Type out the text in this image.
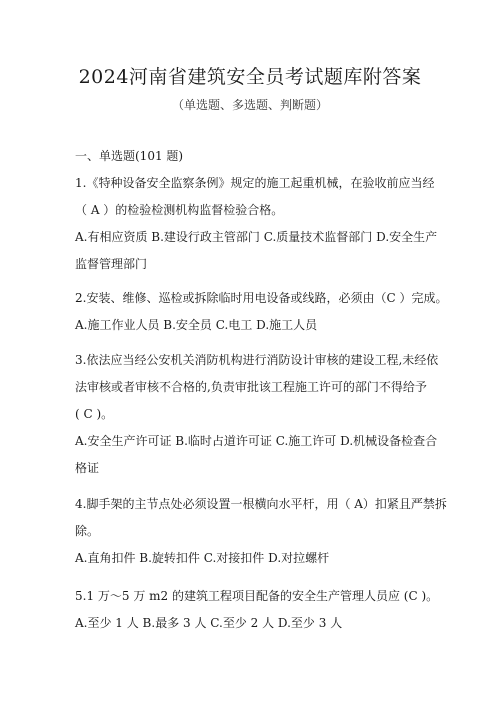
2024河南省建筑安全员考试题库附答案
（单选题、多选题、判断题）
一、单选题(101 题)
1.《特种设备安全监察条例》规定的施工起重机械，在验收前应当经
（ A ）的检验检测机构监督检验合格。
A.有相应资质 B.建设行政主管部门 C.质量技术监督部门 D.安全生产
监督管理部门
2.安装、维修、巡检或拆除临时用电设备或线路，必须由（C ）完成。
A.施工作业人员 B.安全员 C.电工 D.施工人员
3.依法应当经公安机关消防机构进行消防设计审核的建设工程,未经依
法审核或者审核不合格的,负责审批该工程施工许可的部门不得给予
( C )。
A.安全生产许可证 B.临时占道许可证 C.施工许可 D.机械设备检查合
格证
4.脚手架的主节点处必须设置一根横向水平杆，用（ A）扣紧且严禁拆
除。
A.直角扣件 B.旋转扣件 C.对接扣件 D.对拉螺杆
5.1 万～5 万 m2 的建筑工程项目配备的安全生产管理人员应 (C )。
A.至少 1 人 B.最多 3 人 C.至少 2 人 D.至少 3 人
